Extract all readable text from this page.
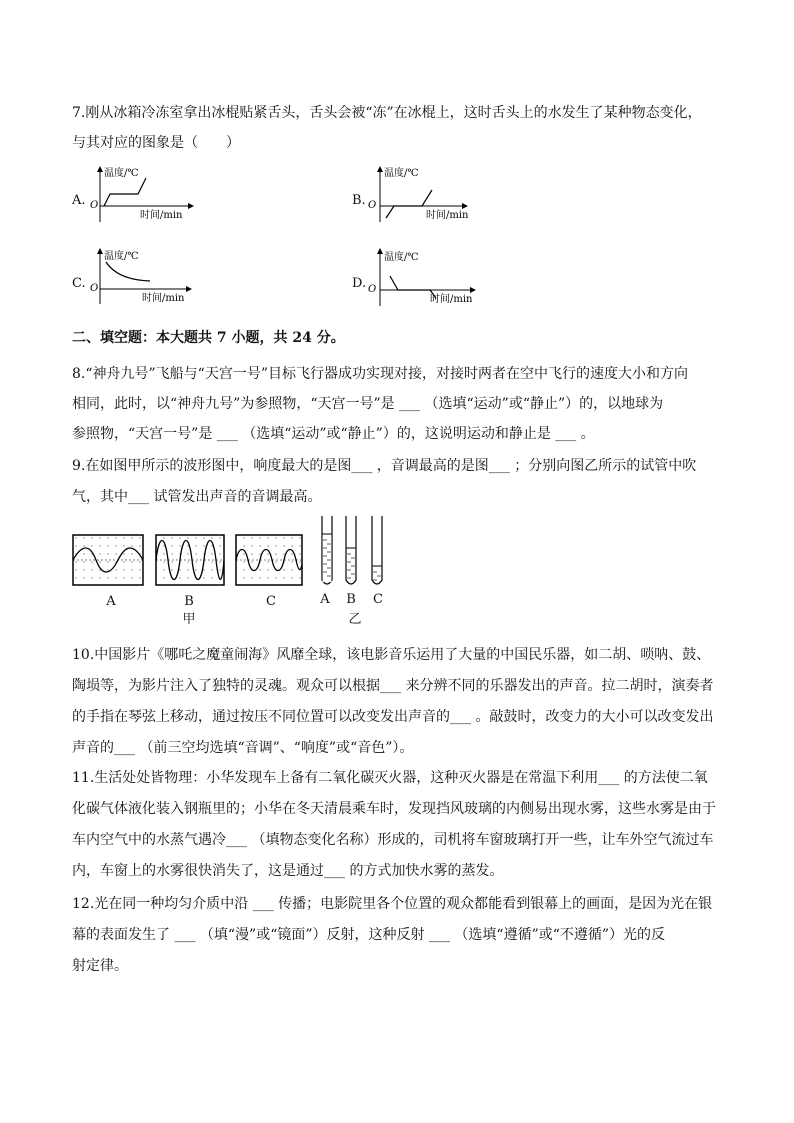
7.刚从冰箱冷冻室拿出冰棍贴紧舌头，舌头会被“冻”在冰棍上，这时舌头上的水发生了某种物态变化，
与其对应的图象是（　　）
A. O
温度/℃
时间/min
B. O
温度/℃
时间/min
C. O
温度/℃
时间/min
D. O
温度/℃
时间/min
二、填空题：本大题共 7 小题，共 24 分。
8.“神舟九号”飞船与“天宫一号”目标飞行器成功实现对接，对接时两者在空中飞行的速度大小和方向
相同，此时，以“神舟九号”为参照物，“天宫一号”是 ___ （选填“运动”或“静止”）的，以地球为
参照物，“天宫一号”是 ___ （选填“运动”或“静止”）的，这说明运动和静止是 ___ 。
9.在如图甲所示的波形图中，响度最大的是图___ ，音调最高的是图___ ；分别向图乙所示的试管中吹
气，其中___ 试管发出声音的音调最高。
A	B	C
甲
A B C
乙
10.中国影片《哪吒之魔童闹海》风靡全球，该电影音乐运用了大量的中国民乐器，如二胡、唢呐、鼓、
陶埙等，为影片注入了独特的灵魂。观众可以根据___ 来分辨不同的乐器发出的声音。拉二胡时，演奏者
的手指在琴弦上移动，通过按压不同位置可以改变发出声音的___ 。敲鼓时，改变力的大小可以改变发出
声音的___ （前三空均选填“音调”、“响度”或“音色”）。
11.生活处处皆物理：小华发现车上备有二氧化碳灭火器，这种灭火器是在常温下利用___ 的方法使二氧
化碳气体液化装入钢瓶里的；小华在冬天清晨乘车时，发现挡风玻璃的内侧易出现水雾，这些水雾是由于
车内空气中的水蒸气遇冷___ （填物态变化名称）形成的，司机将车窗玻璃打开一些，让车外空气流过车
内，车窗上的水雾很快消失了，这是通过___ 的方式加快水雾的蒸发。
12.光在同一种均匀介质中沿 ___ 传播；电影院里各个位置的观众都能看到银幕上的画面，是因为光在银
幕的表面发生了 ___ （填“漫”或“镜面”）反射，这种反射 ___ （选填“遵循”或“不遵循”）光的反
射定律。
